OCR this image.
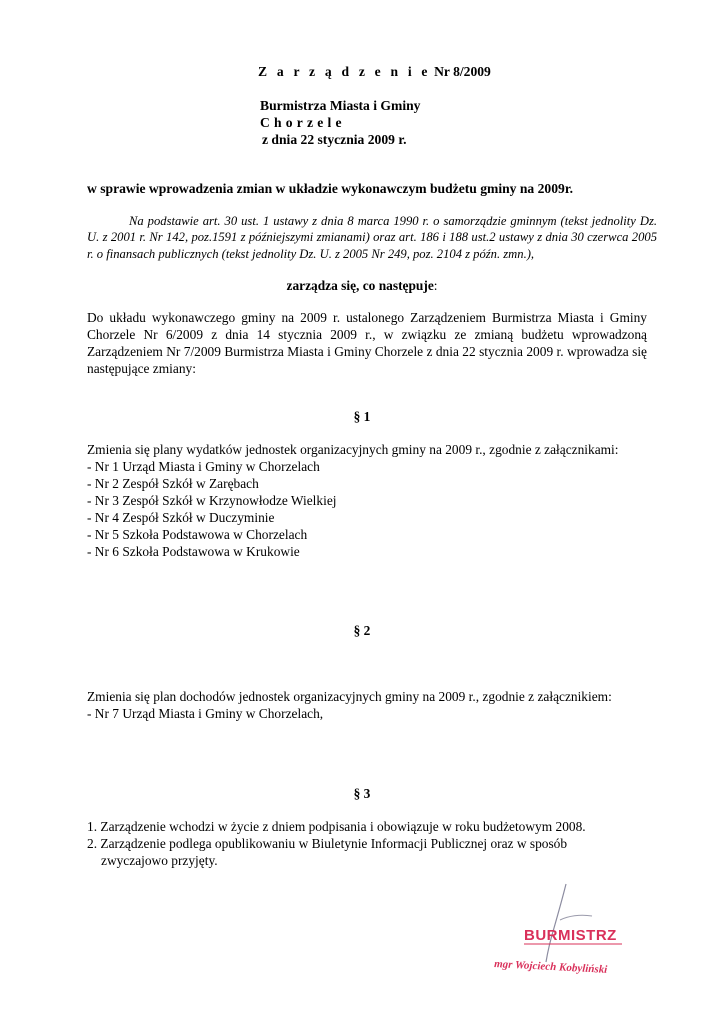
Z a r z ą d z e n i e Nr 8/2009
Burmistrza Miasta i Gminy
Chorzele
z dnia 22 stycznia 2009 r.
w sprawie wprowadzenia zmian w układzie wykonawczym budżetu gminy na 2009r.
Na podstawie art. 30 ust. 1 ustawy z dnia 8 marca 1990 r. o samorządzie gminnym (tekst jednolity Dz. U. z 2001 r. Nr 142, poz.1591 z późniejszymi zmianami) oraz art. 186 i 188 ust.2 ustawy z dnia 30 czerwca 2005 r. o finansach publicznych (tekst jednolity Dz. U. z 2005 Nr 249, poz. 2104 z późn. zmn.),
zarządza się, co następuje:
Do układu wykonawczego gminy na 2009 r. ustalonego Zarządzeniem Burmistrza Miasta i Gminy Chorzele Nr 6/2009 z dnia 14 stycznia 2009 r., w związku ze zmianą budżetu wprowadzoną Zarządzeniem Nr 7/2009 Burmistrza Miasta i Gminy Chorzele z dnia 22 stycznia 2009 r. wprowadza się następujące zmiany:
§ 1
Zmienia się plany wydatków jednostek organizacyjnych gminy na 2009 r., zgodnie z załącznikami:
- Nr 1 Urząd Miasta i Gminy w Chorzelach
- Nr 2 Zespół Szkół w Zarębach
- Nr 3 Zespół Szkół w Krzynowłodze Wielkiej
- Nr 4 Zespół Szkół w Duczyminie
- Nr 5 Szkoła Podstawowa w Chorzelach
- Nr 6 Szkoła Podstawowa w Krukowie
§ 2
Zmienia się plan dochodów jednostek organizacyjnych gminy na 2009 r., zgodnie z załącznikiem:
- Nr 7 Urząd Miasta i Gminy w Chorzelach,
§ 3
1. Zarządzenie wchodzi w życie z dniem podpisania i obowiązuje w roku budżetowym 2008.
2. Zarządzenie podlega opublikowaniu w Biuletynie Informacji Publicznej oraz w sposób
zwyczajowo przyjęty.
BURMISTRZ
mgr Wojciech Kobyliński
